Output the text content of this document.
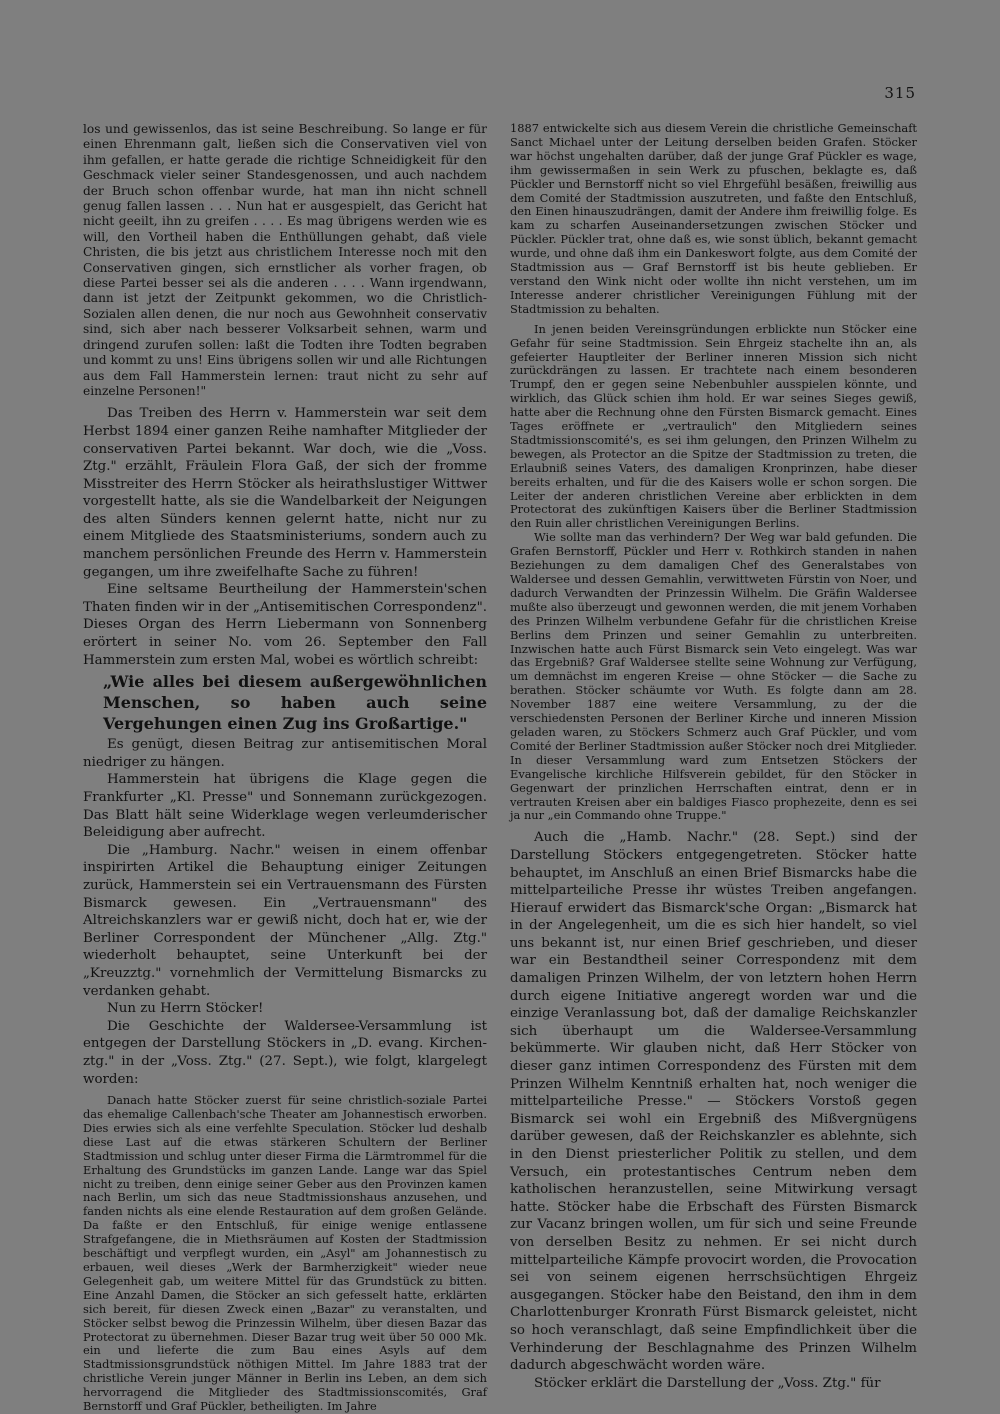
315

los und gewissenlos, das ist seine Beschreibung. So lange er für einen Ehrenmann galt, ließen sich die Conservativen viel von ihm gefallen, er hatte gerade die richtige Schneidigkeit für den Geschmack vieler seiner Standesgenossen, und auch nachdem der Bruch schon offenbar wurde, hat man ihn nicht schnell genug fallen lassen . . . Nun hat er ausgespielt, das Gericht hat nicht geeilt, ihn zu greifen . . . . Es mag übrigens werden wie es will, den Vortheil haben die Enthüllungen gehabt, daß viele Christen, die bis jetzt aus christlichem Interesse noch mit den Conservativen gingen, sich ernstlicher als vorher fragen, ob diese Partei besser sei als die anderen . . . . Wann irgendwann, dann ist jetzt der Zeitpunkt gekommen, wo die Christlich-Sozialen allen denen, die nur noch aus Gewohnheit conservativ sind, sich aber nach besserer Volksarbeit sehnen, warm und dringend zurufen sollen: laßt die Todten ihre Todten begraben und kommt zu uns! Eins übrigens sollen wir und alle Richtungen aus dem Fall Hammerstein lernen: traut nicht zu sehr auf einzelne Personen!"

Das Treiben des Herrn v. Hammerstein war seit dem Herbst 1894 einer ganzen Reihe namhafter Mitglieder der conservativen Partei bekannt. War doch, wie die „Voss. Ztg." erzählt, Fräulein Flora Gaß, der sich der fromme Misstreiter des Herrn Stöcker als heirathslustiger Wittwer vorgestellt hatte, als sie die Wandelbarkeit der Neigungen des alten Sünders kennen gelernt hatte, nicht nur zu einem Mitgliede des Staatsministeriums, sondern auch zu manchem persönlichen Freunde des Herrn v. Hammerstein gegangen, um ihre zweifelhafte Sache zu führen!

Eine seltsame Beurtheilung der Hammerstein'schen Thaten finden wir in der „Antisemitischen Correspondenz". Dieses Organ des Herrn Liebermann von Sonnenberg erörtert in seiner No. vom 26. September den Fall Hammerstein zum ersten Mal, wobei es wörtlich schreibt:

„Wie alles bei diesem außergewöhnlichen Menschen, so haben auch seine Vergehungen einen Zug ins Großartige."

Es genügt, diesen Beitrag zur antisemitischen Moral niedriger zu hängen.

Hammerstein hat übrigens die Klage gegen die Frankfurter „Kl. Presse" und Sonnemann zurückgezogen. Das Blatt hält seine Widerklage wegen verleumderischer Beleidigung aber aufrecht.

Die „Hamburg. Nachr." weisen in einem offenbar inspirirten Artikel die Behauptung einiger Zeitungen zurück, Hammerstein sei ein Vertrauensmann des Fürsten Bismarck gewesen. Ein „Vertrauensmann" des Altreichskanzlers war er gewiß nicht, doch hat er, wie der Berliner Correspondent der Münchener „Allg. Ztg." wiederholt behauptet, seine Unterkunft bei der „Kreuzztg." vornehmlich der Vermittelung Bismarcks zu verdanken gehabt.

Nun zu Herrn Stöcker!

Die Geschichte der Waldersee-Versammlung ist entgegen der Darstellung Stöckers in „D. evang. Kirchen-ztg." in der „Voss. Ztg." (27. Sept.), wie folgt, klargelegt worden:

Danach hatte Stöcker zuerst für seine christlich-soziale Partei das ehemalige Callenbach'sche Theater am Johannestisch erworben. Dies erwies sich als eine verfehlte Speculation. Stöcker lud deshalb diese Last auf die etwas stärkeren Schultern der Berliner Stadtmission und schlug unter dieser Firma die Lärmtrommel für die Erhaltung des Grundstücks im ganzen Lande. Lange war das Spiel nicht zu treiben, denn einige seiner Geber aus den Provinzen kamen nach Berlin, um sich das neue Stadtmissionshaus anzusehen, und fanden nichts als eine elende Restauration auf dem großen Gelände. Da faßte er den Entschluß, für einige wenige entlassene Strafgefangene, die in Miethsräumen auf Kosten der Stadtmission beschäftigt und verpflegt wurden, ein „Asyl" am Johannestisch zu erbauen, weil dieses „Werk der Barmherzigkeit" wieder neue Gelegenheit gab, um weitere Mittel für das Grundstück zu bitten. Eine Anzahl Damen, die Stöcker an sich gefesselt hatte, erklärten sich bereit, für diesen Zweck einen „Bazar" zu veranstalten, und Stöcker selbst bewog die Prinzessin Wilhelm, über diesen Bazar das Protectorat zu übernehmen. Dieser Bazar trug weit über 50 000 Mk. ein und lieferte die zum Bau eines Asyls auf dem Stadtmissionsgrundstück nöthigen Mittel. Im Jahre 1883 trat der christliche Verein junger Männer in Berlin ins Leben, an dem sich hervorragend die Mitglieder des Stadtmissionscomités, Graf Bernstorff und Graf Pückler, betheiligten. Im Jahre

1887 entwickelte sich aus diesem Verein die christliche Gemeinschaft Sanct Michael unter der Leitung derselben beiden Grafen. Stöcker war höchst ungehalten darüber, daß der junge Graf Pückler es wage, ihm gewissermaßen in sein Werk zu pfuschen, beklagte es, daß Pückler und Bernstorff nicht so viel Ehrgefühl besäßen, freiwillig aus dem Comité der Stadtmission auszutreten, und faßte den Entschluß, den Einen hinauszudrängen, damit der Andere ihm freiwillig folge. Es kam zu scharfen Auseinandersetzungen zwischen Stöcker und Pückler. Pückler trat, ohne daß es, wie sonst üblich, bekannt gemacht wurde, und ohne daß ihm ein Dankeswort folgte, aus dem Comité der Stadtmission aus — Graf Bernstorff ist bis heute geblieben. Er verstand den Wink nicht oder wollte ihn nicht verstehen, um im Interesse anderer christlicher Vereinigungen Fühlung mit der Stadtmission zu behalten.

In jenen beiden Vereinsgründungen erblickte nun Stöcker eine Gefahr für seine Stadtmission. Sein Ehrgeiz stachelte ihn an, als gefeierter Hauptleiter der Berliner inneren Mission sich nicht zurückdrängen zu lassen. Er trachtete nach einem besonderen Trumpf, den er gegen seine Nebenbuhler ausspielen könnte, und wirklich, das Glück schien ihm hold. Er war seines Sieges gewiß, hatte aber die Rechnung ohne den Fürsten Bismarck gemacht. Eines Tages eröffnete er „vertraulich" den Mitgliedern seines Stadtmissionscomité's, es sei ihm gelungen, den Prinzen Wilhelm zu bewegen, als Protector an die Spitze der Stadtmission zu treten, die Erlaubniß seines Vaters, des damaligen Kronprinzen, habe dieser bereits erhalten, und für die des Kaisers wolle er schon sorgen. Die Leiter der anderen christlichen Vereine aber erblickten in dem Protectorat des zukünftigen Kaisers über die Berliner Stadtmission den Ruin aller christlichen Vereinigungen Berlins.

Wie sollte man das verhindern? Der Weg war bald gefunden. Die Grafen Bernstorff, Pückler und Herr v. Rothkirch standen in nahen Beziehungen zu dem damaligen Chef des Generalstabes von Waldersee und dessen Gemahlin, verwittweten Fürstin von Noer, und dadurch Verwandten der Prinzessin Wilhelm. Die Gräfin Waldersee mußte also überzeugt und gewonnen werden, die mit jenem Vorhaben des Prinzen Wilhelm verbundene Gefahr für die christlichen Kreise Berlins dem Prinzen und seiner Gemahlin zu unterbreiten. Inzwischen hatte auch Fürst Bismarck sein Veto eingelegt. Was war das Ergebniß? Graf Waldersee stellte seine Wohnung zur Verfügung, um demnächst im engeren Kreise — ohne Stöcker — die Sache zu berathen. Stöcker schäumte vor Wuth. Es folgte dann am 28. November 1887 eine weitere Versammlung, zu der die verschiedensten Personen der Berliner Kirche und inneren Mission geladen waren, zu Stöckers Schmerz auch Graf Pückler, und vom Comité der Berliner Stadtmission außer Stöcker noch drei Mitglieder. In dieser Versammlung ward zum Entsetzen Stöckers der Evangelische kirchliche Hilfsverein gebildet, für den Stöcker in Gegenwart der prinzlichen Herrschaften eintrat, denn er in vertrauten Kreisen aber ein baldiges Fiasco prophezeite, denn es sei ja nur „ein Commando ohne Truppe."

Auch die „Hamb. Nachr." (28. Sept.) sind der Darstellung Stöckers entgegengetreten. Stöcker hatte behauptet, im Anschluß an einen Brief Bismarcks habe die mittelparteiliche Presse ihr wüstes Treiben angefangen. Hierauf erwidert das Bismarck'sche Organ: „Bismarck hat in der Angelegenheit, um die es sich hier handelt, so viel uns bekannt ist, nur einen Brief geschrieben, und dieser war ein Bestandtheil seiner Correspondenz mit dem damaligen Prinzen Wilhelm, der von letztern hohen Herrn durch eigene Initiative angeregt worden war und die einzige Veranlassung bot, daß der damalige Reichskanzler sich überhaupt um die Waldersee-Versammlung bekümmerte. Wir glauben nicht, daß Herr Stöcker von dieser ganz intimen Correspondenz des Fürsten mit dem Prinzen Wilhelm Kenntniß erhalten hat, noch weniger die mittelparteiliche Presse." — Stöckers Vorstoß gegen Bismarck sei wohl ein Ergebniß des Mißvergnügens darüber gewesen, daß der Reichskanzler es ablehnte, sich in den Dienst priesterlicher Politik zu stellen, und dem Versuch, ein protestantisches Centrum neben dem katholischen heranzustellen, seine Mitwirkung versagt hatte. Stöcker habe die Erbschaft des Fürsten Bismarck zur Vacanz bringen wollen, um für sich und seine Freunde von derselben Besitz zu nehmen. Er sei nicht durch mittelparteiliche Kämpfe provocirt worden, die Provocation sei von seinem eigenen herrschsüchtigen Ehrgeiz ausgegangen. Stöcker habe den Beistand, den ihm in dem Charlottenburger Kronrath Fürst Bismarck geleistet, nicht so hoch veranschlagt, daß seine Empfindlichkeit über die Verhinderung der Beschlagnahme des Prinzen Wilhelm dadurch abgeschwächt worden wäre.

Stöcker erklärt die Darstellung der „Voss. Ztg." für
